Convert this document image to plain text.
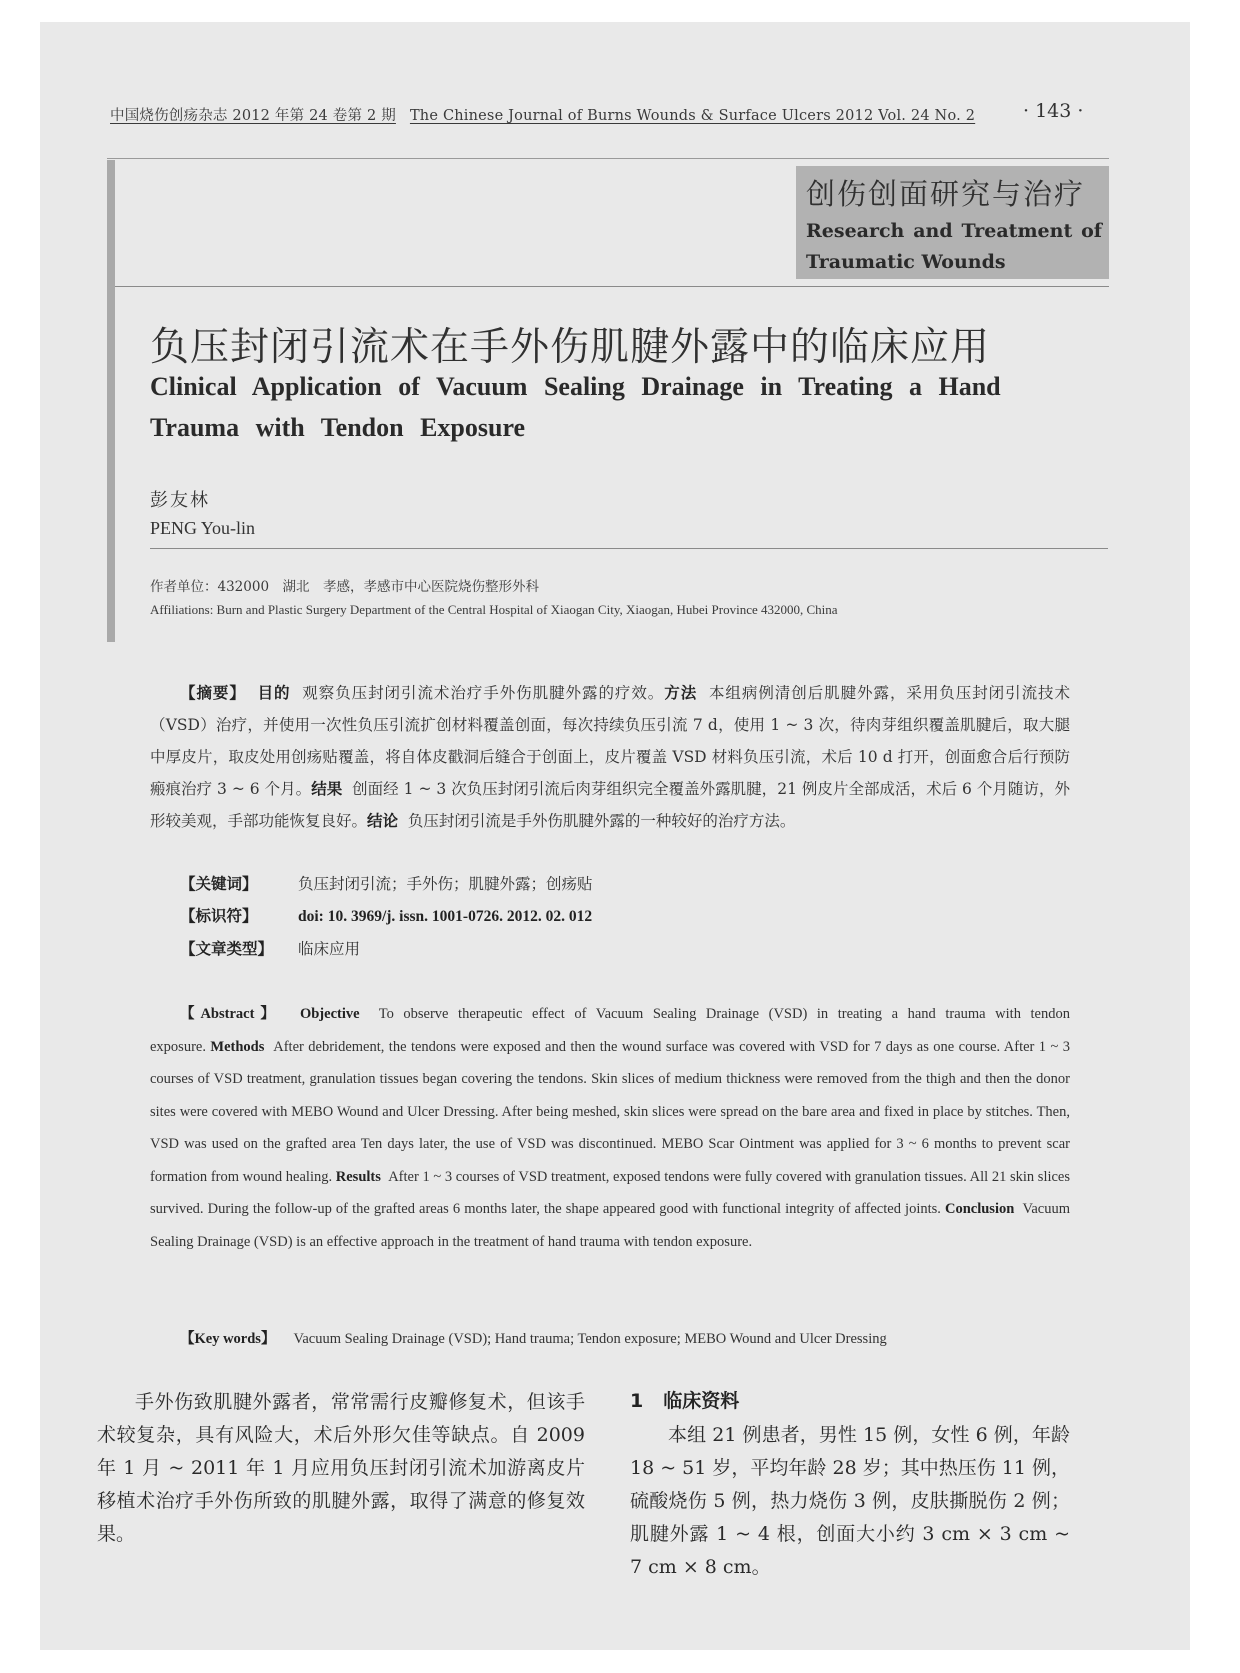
中国烧伤创疡杂志 2012 年第 24 卷第 2 期 The Chinese Journal of Burns Wounds & Surface Ulcers 2012 Vol. 24 No. 2	· 143 ·
创伤创面研究与治疗
Research and Treatment of
Traumatic Wounds
负压封闭引流术在手外伤肌腱外露中的临床应用
Clinical Application of Vacuum Sealing Drainage in Treating a Hand Trauma with Tendon Exposure
彭友林
PENG You-lin
作者单位：432000　湖北　孝感，孝感市中心医院烧伤整形外科
Affiliations: Burn and Plastic Surgery Department of the Central Hospital of Xiaogan City, Xiaogan, Hubei Province 432000, China
【摘要】 目的 观察负压封闭引流术治疗手外伤肌腱外露的疗效。方法 本组病例清创后肌腱外露，采用负压封闭引流技术（VSD）治疗，并使用一次性负压引流扩创材料覆盖创面，每次持续负压引流 7 d，使用 1 ~ 3 次，待肉芽组织覆盖肌腱后，取大腿中厚皮片，取皮处用创疡贴覆盖，将自体皮戳洞后缝合于创面上，皮片覆盖 VSD 材料负压引流，术后 10 d 打开，创面愈合后行预防瘢痕治疗 3 ~ 6 个月。结果 创面经 1 ~ 3 次负压封闭引流后肉芽组织完全覆盖外露肌腱，21 例皮片全部成活，术后 6 个月随访，外形较美观，手部功能恢复良好。结论 负压封闭引流是手外伤肌腱外露的一种较好的治疗方法。
【关键词】	负压封闭引流；手外伤；肌腱外露；创疡贴
【标识符】	doi: 10. 3969/j. issn. 1001-0726. 2012. 02. 012
【文章类型】 临床应用
【Abstract】 Objective To observe therapeutic effect of Vacuum Sealing Drainage (VSD) in treating a hand trauma with tendon exposure. Methods After debridement, the tendons were exposed and then the wound surface was covered with VSD for 7 days as one course. After 1 ~ 3 courses of VSD treatment, granulation tissues began covering the tendons. Skin slices of medium thickness were removed from the thigh and then the donor sites were covered with MEBO Wound and Ulcer Dressing. After being meshed, skin slices were spread on the bare area and fixed in place by stitches. Then, VSD was used on the grafted area Ten days later, the use of VSD was discontinued. MEBO Scar Ointment was applied for 3 ~ 6 months to prevent scar formation from wound healing. Results After 1 ~ 3 courses of VSD treatment, exposed tendons were fully covered with granulation tissues. All 21 skin slices survived. During the follow-up of the grafted areas 6 months later, the shape appeared good with functional integrity of affected joints. Conclusion Vacuum Sealing Drainage (VSD) is an effective approach in the treatment of hand trauma with tendon exposure.
【Key words】 Vacuum Sealing Drainage (VSD); Hand trauma; Tendon exposure; MEBO Wound and Ulcer Dressing
手外伤致肌腱外露者，常常需行皮瓣修复术，但该手术较复杂，具有风险大，术后外形欠佳等缺点。自 2009 年 1 月 ~ 2011 年 1 月应用负压封闭引流术加游离皮片移植术治疗手外伤所致的肌腱外露，取得了满意的修复效果。
1 临床资料
本组 21 例患者，男性 15 例，女性 6 例，年龄 18 ~ 51 岁，平均年龄 28 岁；其中热压伤 11 例，硫酸烧伤 5 例，热力烧伤 3 例，皮肤撕脱伤 2 例；肌腱外露 1 ~ 4 根，创面大小约 3 cm × 3 cm ~ 7 cm × 8 cm。
